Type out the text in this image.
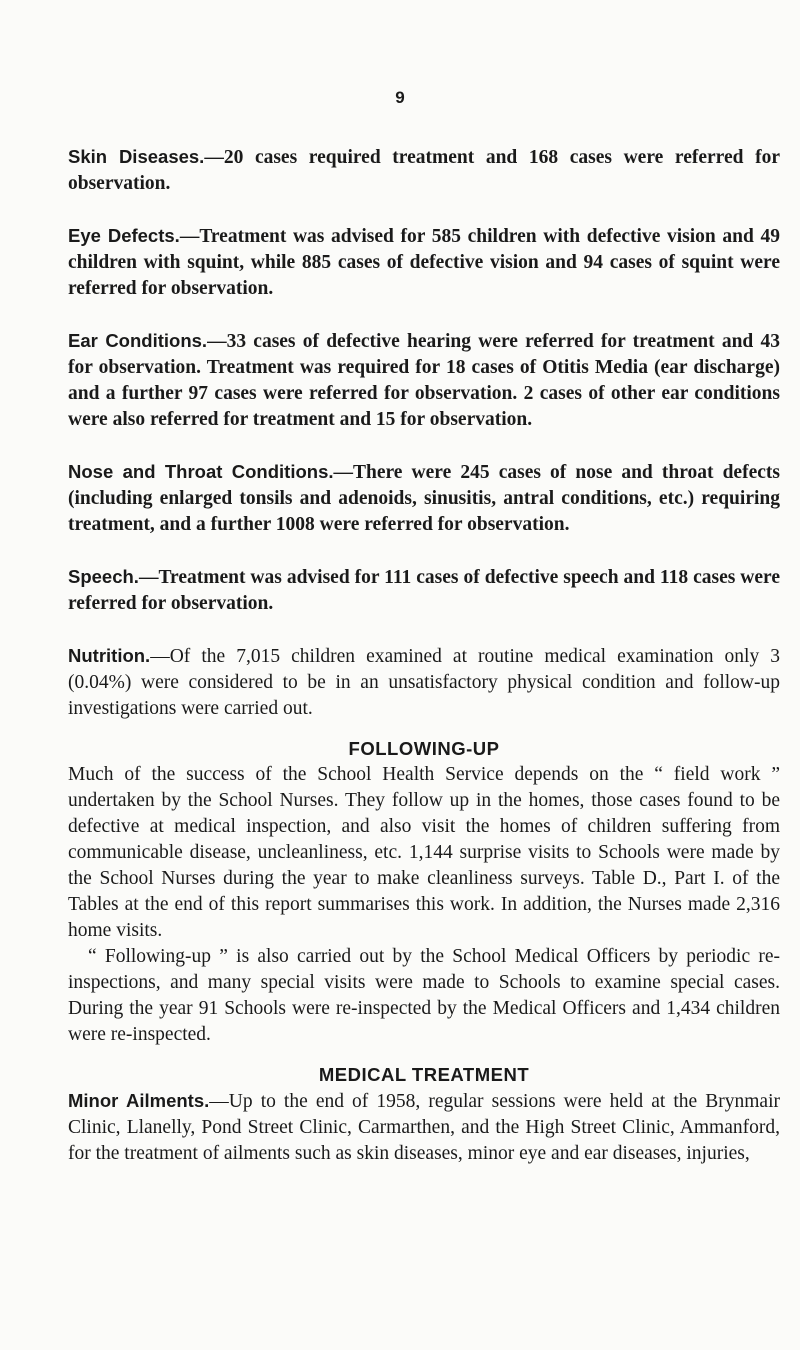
9

Skin Diseases.—20 cases required treatment and 168 cases were referred for observation.

Eye Defects.—Treatment was advised for 585 children with defective vision and 49 children with squint, while 885 cases of defective vision and 94 cases of squint were referred for observation.

Ear Conditions.—33 cases of defective hearing were referred for treatment and 43 for observation. Treatment was required for 18 cases of Otitis Media (ear discharge) and a further 97 cases were referred for observation. 2 cases of other ear conditions were also referred for treatment and 15 for observation.

Nose and Throat Conditions.—There were 245 cases of nose and throat defects (including enlarged tonsils and adenoids, sinusitis, antral conditions, etc.) requiring treatment, and a further 1008 were referred for observation.

Speech.—Treatment was advised for 111 cases of defective speech and 118 cases were referred for observation.

Nutrition.—Of the 7,015 children examined at routine medical examination only 3 (0.04%) were considered to be in an unsatisfactory physical condition and follow-up investigations were carried out.

FOLLOWING-UP

Much of the success of the School Health Service depends on the “ field work ” undertaken by the School Nurses. They follow up in the homes, those cases found to be defective at medical inspection, and also visit the homes of children suffering from communicable disease, uncleanliness, etc. 1,144 surprise visits to Schools were made by the School Nurses during the year to make cleanliness surveys. Table D., Part I. of the Tables at the end of this report summarises this work. In addition, the Nurses made 2,316 home visits.

“ Following-up ” is also carried out by the School Medical Officers by periodic re-inspections, and many special visits were made to Schools to examine special cases. During the year 91 Schools were re-inspected by the Medical Officers and 1,434 children were re-inspected.

MEDICAL TREATMENT

Minor Ailments.—Up to the end of 1958, regular sessions were held at the Brynmair Clinic, Llanelly, Pond Street Clinic, Carmarthen, and the High Street Clinic, Ammanford, for the treatment of ailments such as skin diseases, minor eye and ear diseases, injuries,
